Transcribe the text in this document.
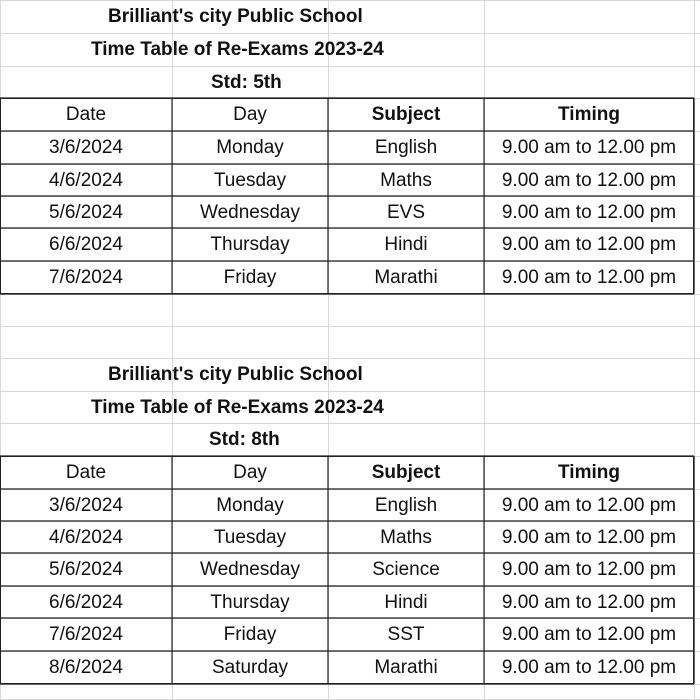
Brilliant's city Public School
Time Table of Re-Exams 2023-24
Std: 5th
Date	Day	Subject	Timing
3/6/2024	Monday	English	9.00 am to 12.00 pm
4/6/2024	Tuesday	Maths	9.00 am to 12.00 pm
5/6/2024	Wednesday	EVS	9.00 am to 12.00 pm
6/6/2024	Thursday	Hindi	9.00 am to 12.00 pm
7/6/2024	Friday	Marathi	9.00 am to 12.00 pm
Brilliant's city Public School
Time Table of Re-Exams 2023-24
Std: 8th
Date	Day	Subject	Timing
3/6/2024	Monday	English	9.00 am to 12.00 pm
4/6/2024	Tuesday	Maths	9.00 am to 12.00 pm
5/6/2024	Wednesday	Science	9.00 am to 12.00 pm
6/6/2024	Thursday	Hindi	9.00 am to 12.00 pm
7/6/2024	Friday	SST	9.00 am to 12.00 pm
8/6/2024	Saturday	Marathi	9.00 am to 12.00 pm
